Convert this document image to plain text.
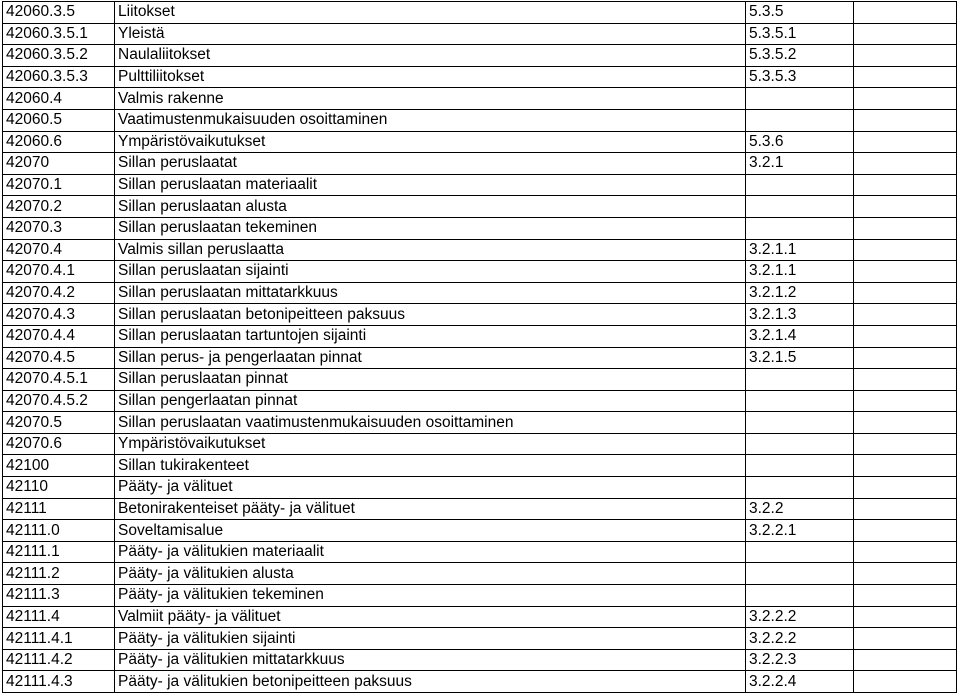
42060.3.5	Liitokset	5.3.5	
42060.3.5.1	Yleistä	5.3.5.1	
42060.3.5.2	Naulaliitokset	5.3.5.2	
42060.3.5.3	Pulttiliitokset	5.3.5.3	
42060.4	Valmis rakenne		
42060.5	Vaatimustenmukaisuuden osoittaminen		
42060.6	Ympäristövaikutukset	5.3.6	
42070	Sillan peruslaatat	3.2.1	
42070.1	Sillan peruslaatan materiaalit		
42070.2	Sillan peruslaatan alusta		
42070.3	Sillan peruslaatan tekeminen		
42070.4	Valmis sillan peruslaatta	3.2.1.1	
42070.4.1	Sillan peruslaatan sijainti	3.2.1.1	
42070.4.2	Sillan peruslaatan mittatarkkuus	3.2.1.2	
42070.4.3	Sillan peruslaatan betonipeitteen paksuus	3.2.1.3	
42070.4.4	Sillan peruslaatan tartuntojen sijainti	3.2.1.4	
42070.4.5	Sillan perus- ja pengerlaatan pinnat	3.2.1.5	
42070.4.5.1	Sillan peruslaatan pinnat		
42070.4.5.2	Sillan pengerlaatan pinnat		
42070.5	Sillan peruslaatan vaatimustenmukaisuuden osoittaminen		
42070.6	Ympäristövaikutukset		
42100	Sillan tukirakenteet		
42110	Pääty- ja välituet		
42111	Betonirakenteiset pääty- ja välituet	3.2.2	
42111.0	Soveltamisalue	3.2.2.1	
42111.1	Pääty- ja välitukien materiaalit		
42111.2	Pääty- ja välitukien alusta		
42111.3	Pääty- ja välitukien tekeminen		
42111.4	Valmiit pääty- ja välituet	3.2.2.2	
42111.4.1	Pääty- ja välitukien sijainti	3.2.2.2	
42111.4.2	Pääty- ja välitukien mittatarkkuus	3.2.2.3	
42111.4.3	Pääty- ja välitukien betonipeitteen paksuus	3.2.2.4	
